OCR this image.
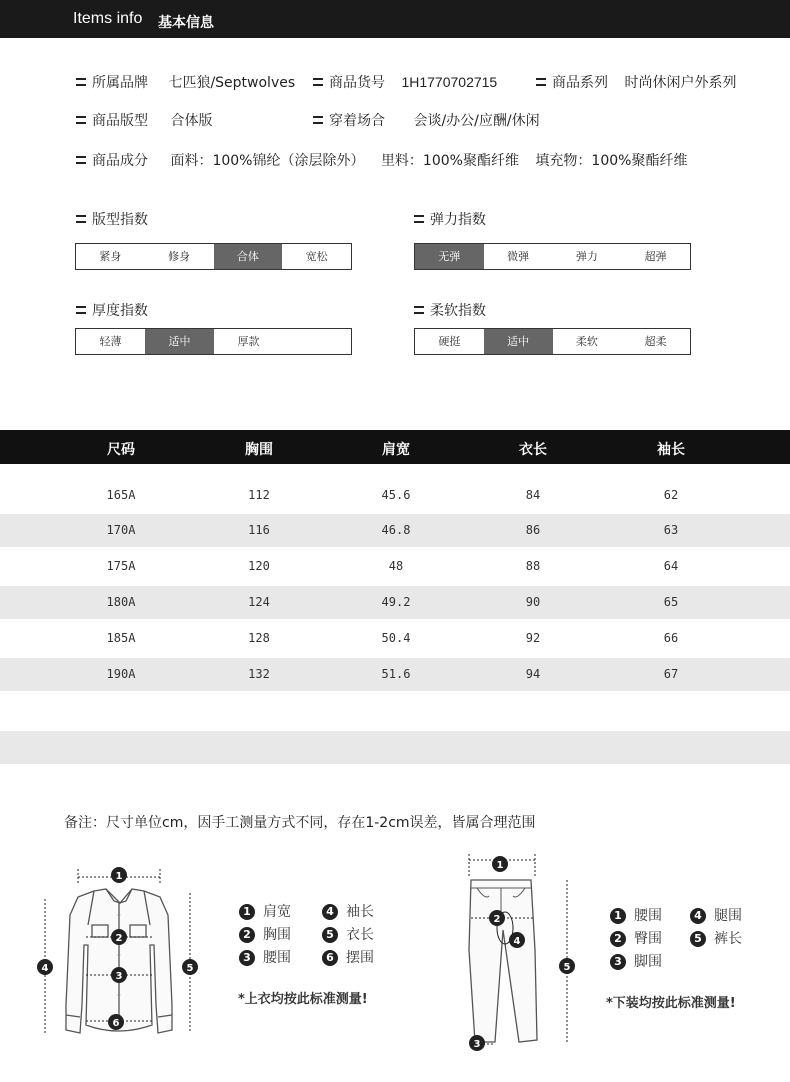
Items info 基本信息
所属品牌 七匹狼/Septwolves	商品货号 1H1770702715	商品系列 时尚休闲户外系列
商品版型 合体版	穿着场合 会谈/办公/应酬/休闲
商品成分 面料：100%锦纶（涂层除外） 里料：100%聚酯纤维 填充物：100%聚酯纤维
版型指数
紧身	修身	合体	宽松
弹力指数
无弹	微弹	弹力	超弹
厚度指数
轻薄	适中	厚款
柔软指数
硬挺	适中	柔软	超柔
尺码	胸围	肩宽	衣长	袖长
165A	112	45.6	84	62
170A	116	46.8	86	63
175A	120	48	88	64
180A	124	49.2	90	65
185A	128	50.4	92	66
190A	132	51.6	94	67
备注：尺寸单位cm，因手工测量方式不同，存在1-2cm误差，皆属合理范围
1
2
3
4	5
6
1 肩宽	4 袖长
2 胸围	5 衣长
3 腰围	6 摆围
*上衣均按此标准测量!
1
2
4
5
3
1 腰围	4 腿围
2 臀围	5 裤长
3 脚围
*下装均按此标准测量!
